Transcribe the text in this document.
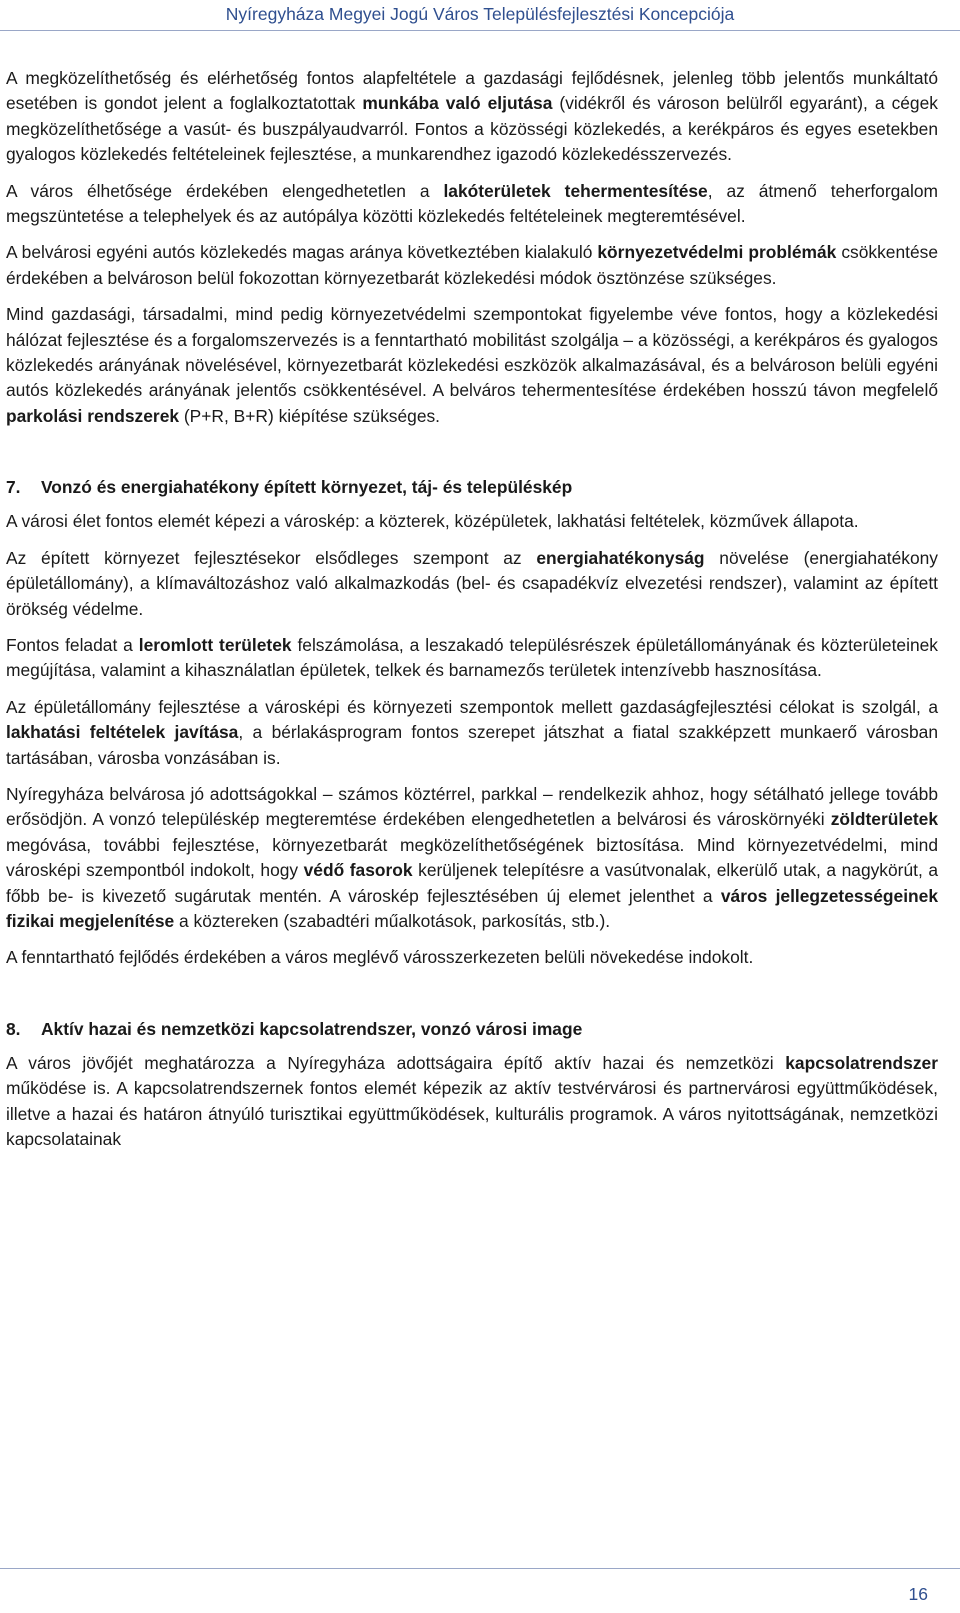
Nyíregyháza Megyei Jogú Város Településfejlesztési Koncepciója

A megközelíthetőség és elérhetőség fontos alapfeltétele a gazdasági fejlődésnek, jelenleg több jelentős munkáltató esetében is gondot jelent a foglalkoztatottak munkába való eljutása (vidékről és városon belülről egyaránt), a cégek megközelíthetősége a vasút- és buszpályaudvarról. Fontos a közösségi közlekedés, a kerékpáros és egyes esetekben gyalogos közlekedés feltételeinek fejlesztése, a munkarendhez igazodó közlekedésszervezés.

A város élhetősége érdekében elengedhetetlen a lakóterületek tehermentesítése, az átmenő teherforgalom megszüntetése a telephelyek és az autópálya közötti közlekedés feltételeinek megteremtésével.

A belvárosi egyéni autós közlekedés magas aránya következtében kialakuló környezetvédelmi problémák csökkentése érdekében a belvároson belül fokozottan környezetbarát közlekedési módok ösztönzése szükséges.

Mind gazdasági, társadalmi, mind pedig környezetvédelmi szempontokat figyelembe véve fontos, hogy a közlekedési hálózat fejlesztése és a forgalomszervezés is a fenntartható mobilitást szolgálja – a közösségi, a kerékpáros és gyalogos közlekedés arányának növelésével, környezetbarát közlekedési eszközök alkalmazásával, és a belvároson belüli egyéni autós közlekedés arányának jelentős csökkentésével. A belváros tehermentesítése érdekében hosszú távon megfelelő parkolási rendszerek (P+R, B+R) kiépítése szükséges.

7. Vonzó és energiahatékony épített környezet, táj- és településkép

A városi élet fontos elemét képezi a városkép: a közterek, középületek, lakhatási feltételek, közművek állapota.

Az épített környezet fejlesztésekor elsődleges szempont az energiahatékonyság növelése (energiahatékony épületállomány), a klímaváltozáshoz való alkalmazkodás (bel- és csapadékvíz elvezetési rendszer), valamint az épített örökség védelme.

Fontos feladat a leromlott területek felszámolása, a leszakadó településrészek épületállományának és közterületeinek megújítása, valamint a kihasználatlan épületek, telkek és barnamezős területek intenzívebb hasznosítása.

Az épületállomány fejlesztése a városképi és környezeti szempontok mellett gazdaságfejlesztési célokat is szolgál, a lakhatási feltételek javítása, a bérlakásprogram fontos szerepet játszhat a fiatal szakképzett munkaerő városban tartásában, városba vonzásában is.

Nyíregyháza belvárosa jó adottságokkal – számos köztérrel, parkkal – rendelkezik ahhoz, hogy sétálható jellege tovább erősödjön. A vonzó településkép megteremtése érdekében elengedhetetlen a belvárosi és városkörnyéki zöldterületek megóvása, további fejlesztése, környezetbarát megközelíthetőségének biztosítása. Mind környezetvédelmi, mind városképi szempontból indokolt, hogy védő fasorok kerüljenek telepítésre a vasútvonalak, elkerülő utak, a nagykörút, a főbb be- is kivezető sugárutak mentén. A városkép fejlesztésében új elemet jelenthet a város jellegzetességeinek fizikai megjelenítése a köztereken (szabadtéri műalkotások, parkosítás, stb.).

A fenntartható fejlődés érdekében a város meglévő városszerkezeten belüli növekedése indokolt.

8. Aktív hazai és nemzetközi kapcsolatrendszer, vonzó városi image

A város jövőjét meghatározza a Nyíregyháza adottságaira építő aktív hazai és nemzetközi kapcsolatrendszer működése is. A kapcsolatrendszernek fontos elemét képezik az aktív testvérvárosi és partnervárosi együttműködések, illetve a hazai és határon átnyúló turisztikai együttműködések, kulturális programok. A város nyitottságának, nemzetközi kapcsolatainak

16
